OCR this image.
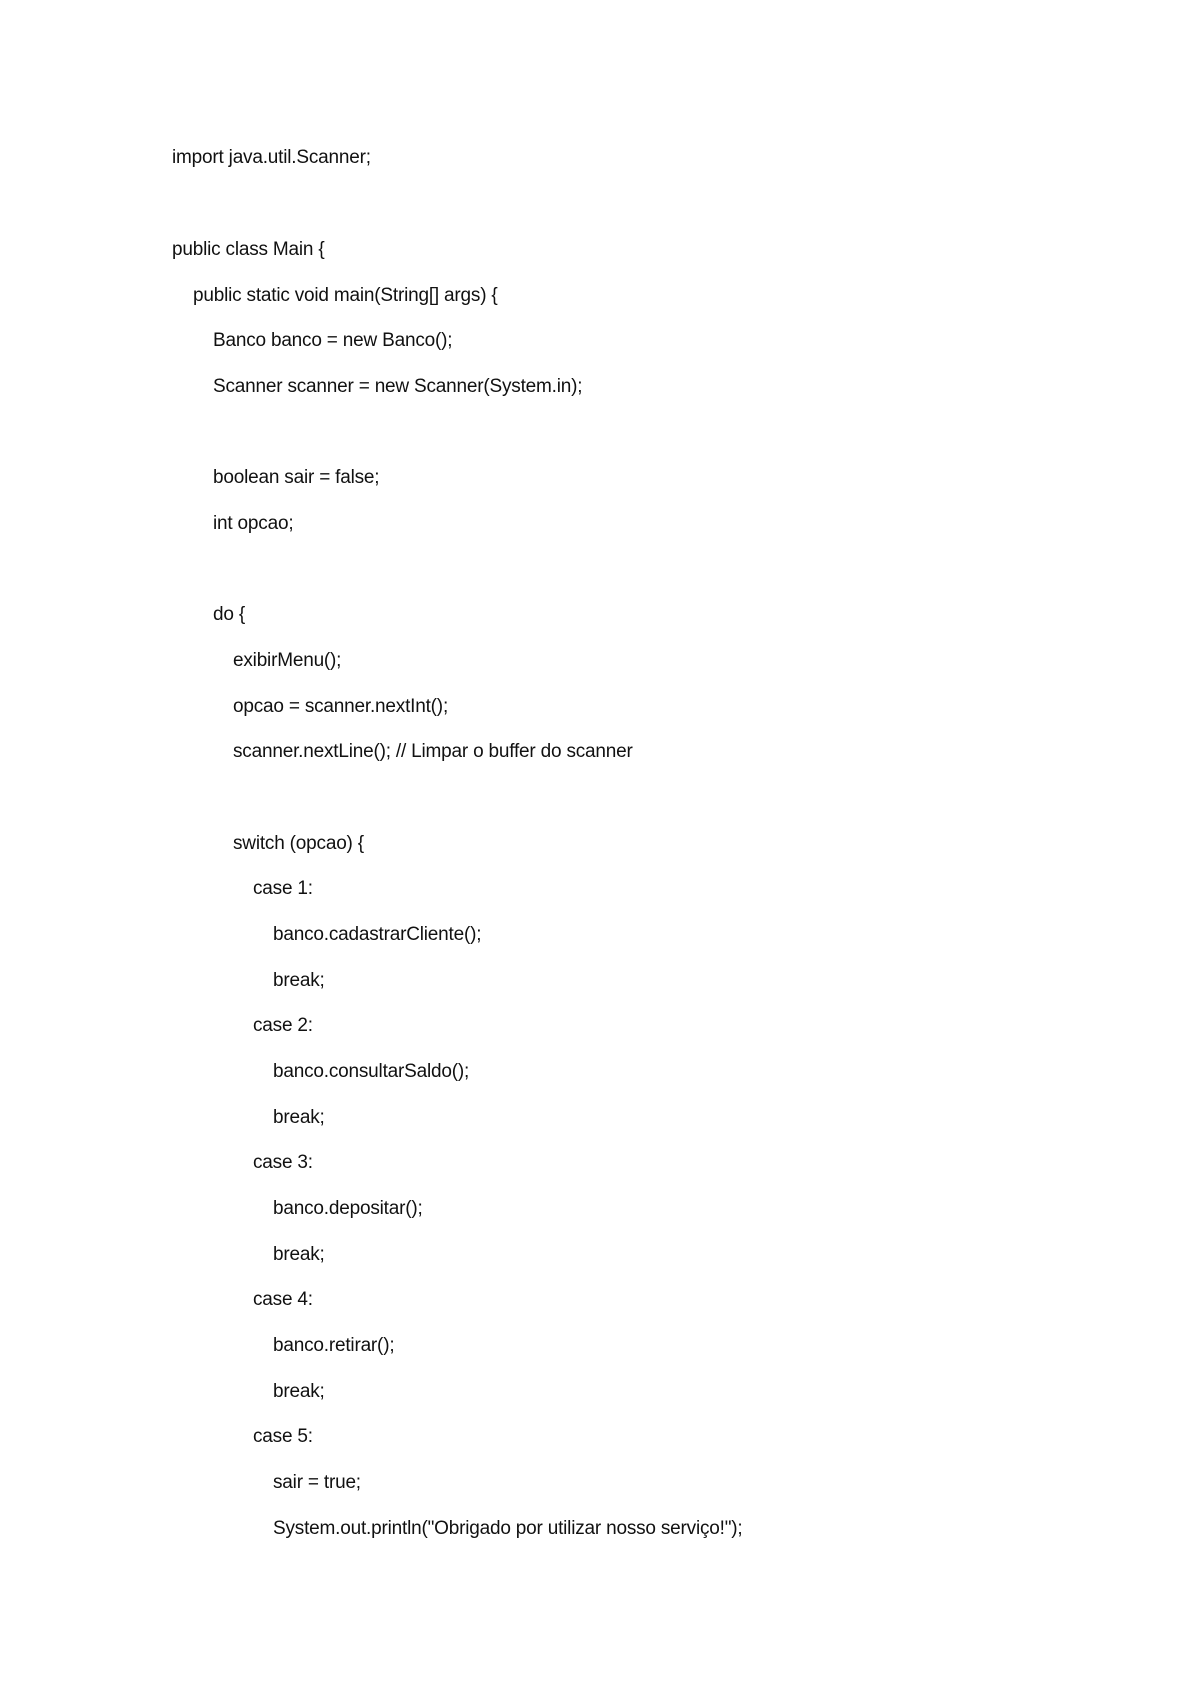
import java.util.Scanner;
public class Main {
public static void main(String[] args) {
Banco banco = new Banco();
Scanner scanner = new Scanner(System.in);
boolean sair = false;
int opcao;
do {
exibirMenu();
opcao = scanner.nextInt();
scanner.nextLine(); // Limpar o buffer do scanner
switch (opcao) {
case 1:
banco.cadastrarCliente();
break;
case 2:
banco.consultarSaldo();
break;
case 3:
banco.depositar();
break;
case 4:
banco.retirar();
break;
case 5:
sair = true;
System.out.println("Obrigado por utilizar nosso serviço!");
